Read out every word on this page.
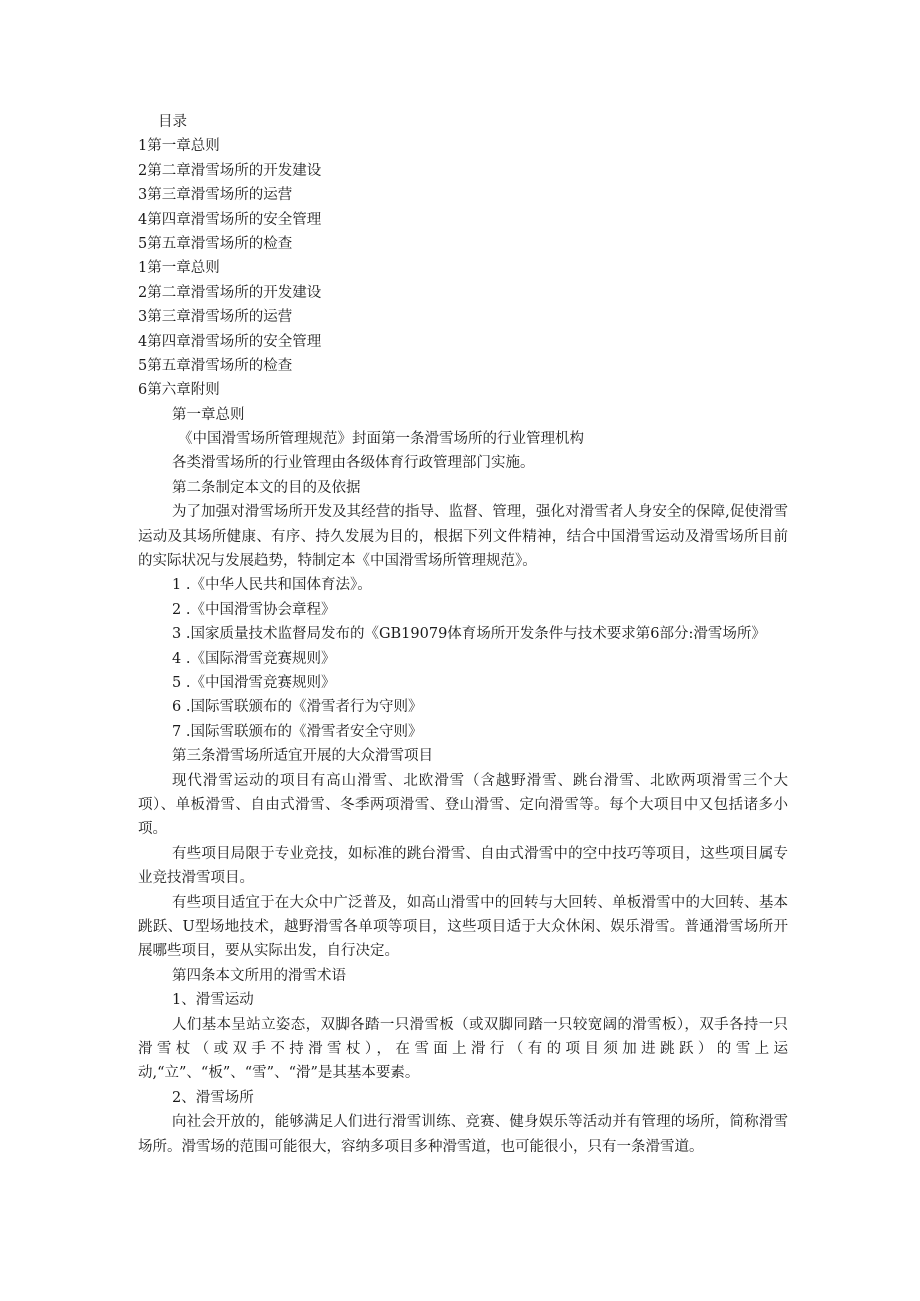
目录
1第一章总则
2第二章滑雪场所的开发建设
3第三章滑雪场所的运营
4第四章滑雪场所的安全管理
5第五章滑雪场所的检查
1第一章总则
2第二章滑雪场所的开发建设
3第三章滑雪场所的运营
4第四章滑雪场所的安全管理
5第五章滑雪场所的检查
6第六章附则
第一章总则
《中国滑雪场所管理规范》封面第一条滑雪场所的行业管理机构
各类滑雪场所的行业管理由各级体育行政管理部门实施。
第二条制定本文的目的及依据
为了加强对滑雪场所开发及其经营的指导、监督、管理，强化对滑雪者人身安全的保障,促使滑雪运动及其场所健康、有序、持久发展为目的，根据下列文件精神，结合中国滑雪运动及滑雪场所目前的实际状况与发展趋势，特制定本《中国滑雪场所管理规范》。
1 .《中华人民共和国体育法》。
2 .《中国滑雪协会章程》
3 .国家质量技术监督局发布的《GB19079体育场所开发条件与技术要求第6部分:滑雪场所》
4 .《国际滑雪竞赛规则》
5 .《中国滑雪竞赛规则》
6 .国际雪联颁布的《滑雪者行为守则》
7 .国际雪联颁布的《滑雪者安全守则》
第三条滑雪场所适宜开展的大众滑雪项目
现代滑雪运动的项目有高山滑雪、北欧滑雪（含越野滑雪、跳台滑雪、北欧两项滑雪三个大项）、单板滑雪、自由式滑雪、冬季两项滑雪、登山滑雪、定向滑雪等。每个大项目中又包括诸多小项。
有些项目局限于专业竞技，如标准的跳台滑雪、自由式滑雪中的空中技巧等项目，这些项目属专业竞技滑雪项目。
有些项目适宜于在大众中广泛普及，如高山滑雪中的回转与大回转、单板滑雪中的大回转、基本跳跃、U型场地技术，越野滑雪各单项等项目，这些项目适于大众休闲、娱乐滑雪。普通滑雪场所开展哪些项目，要从实际出发，自行决定。
第四条本文所用的滑雪术语
1、滑雪运动
人们基本呈站立姿态，双脚各踏一只滑雪板（或双脚同踏一只较宽阔的滑雪板），双手各持一只滑雪杖（或双手不持滑雪杖），在雪面上滑行（有的项目须加进跳跃）的雪上运动,“立”、“板”、“雪”、“滑”是其基本要素。
2、滑雪场所
向社会开放的，能够满足人们进行滑雪训练、竞赛、健身娱乐等活动并有管理的场所，简称滑雪场所。滑雪场的范围可能很大，容纳多项目多种滑雪道，也可能很小，只有一条滑雪道。
